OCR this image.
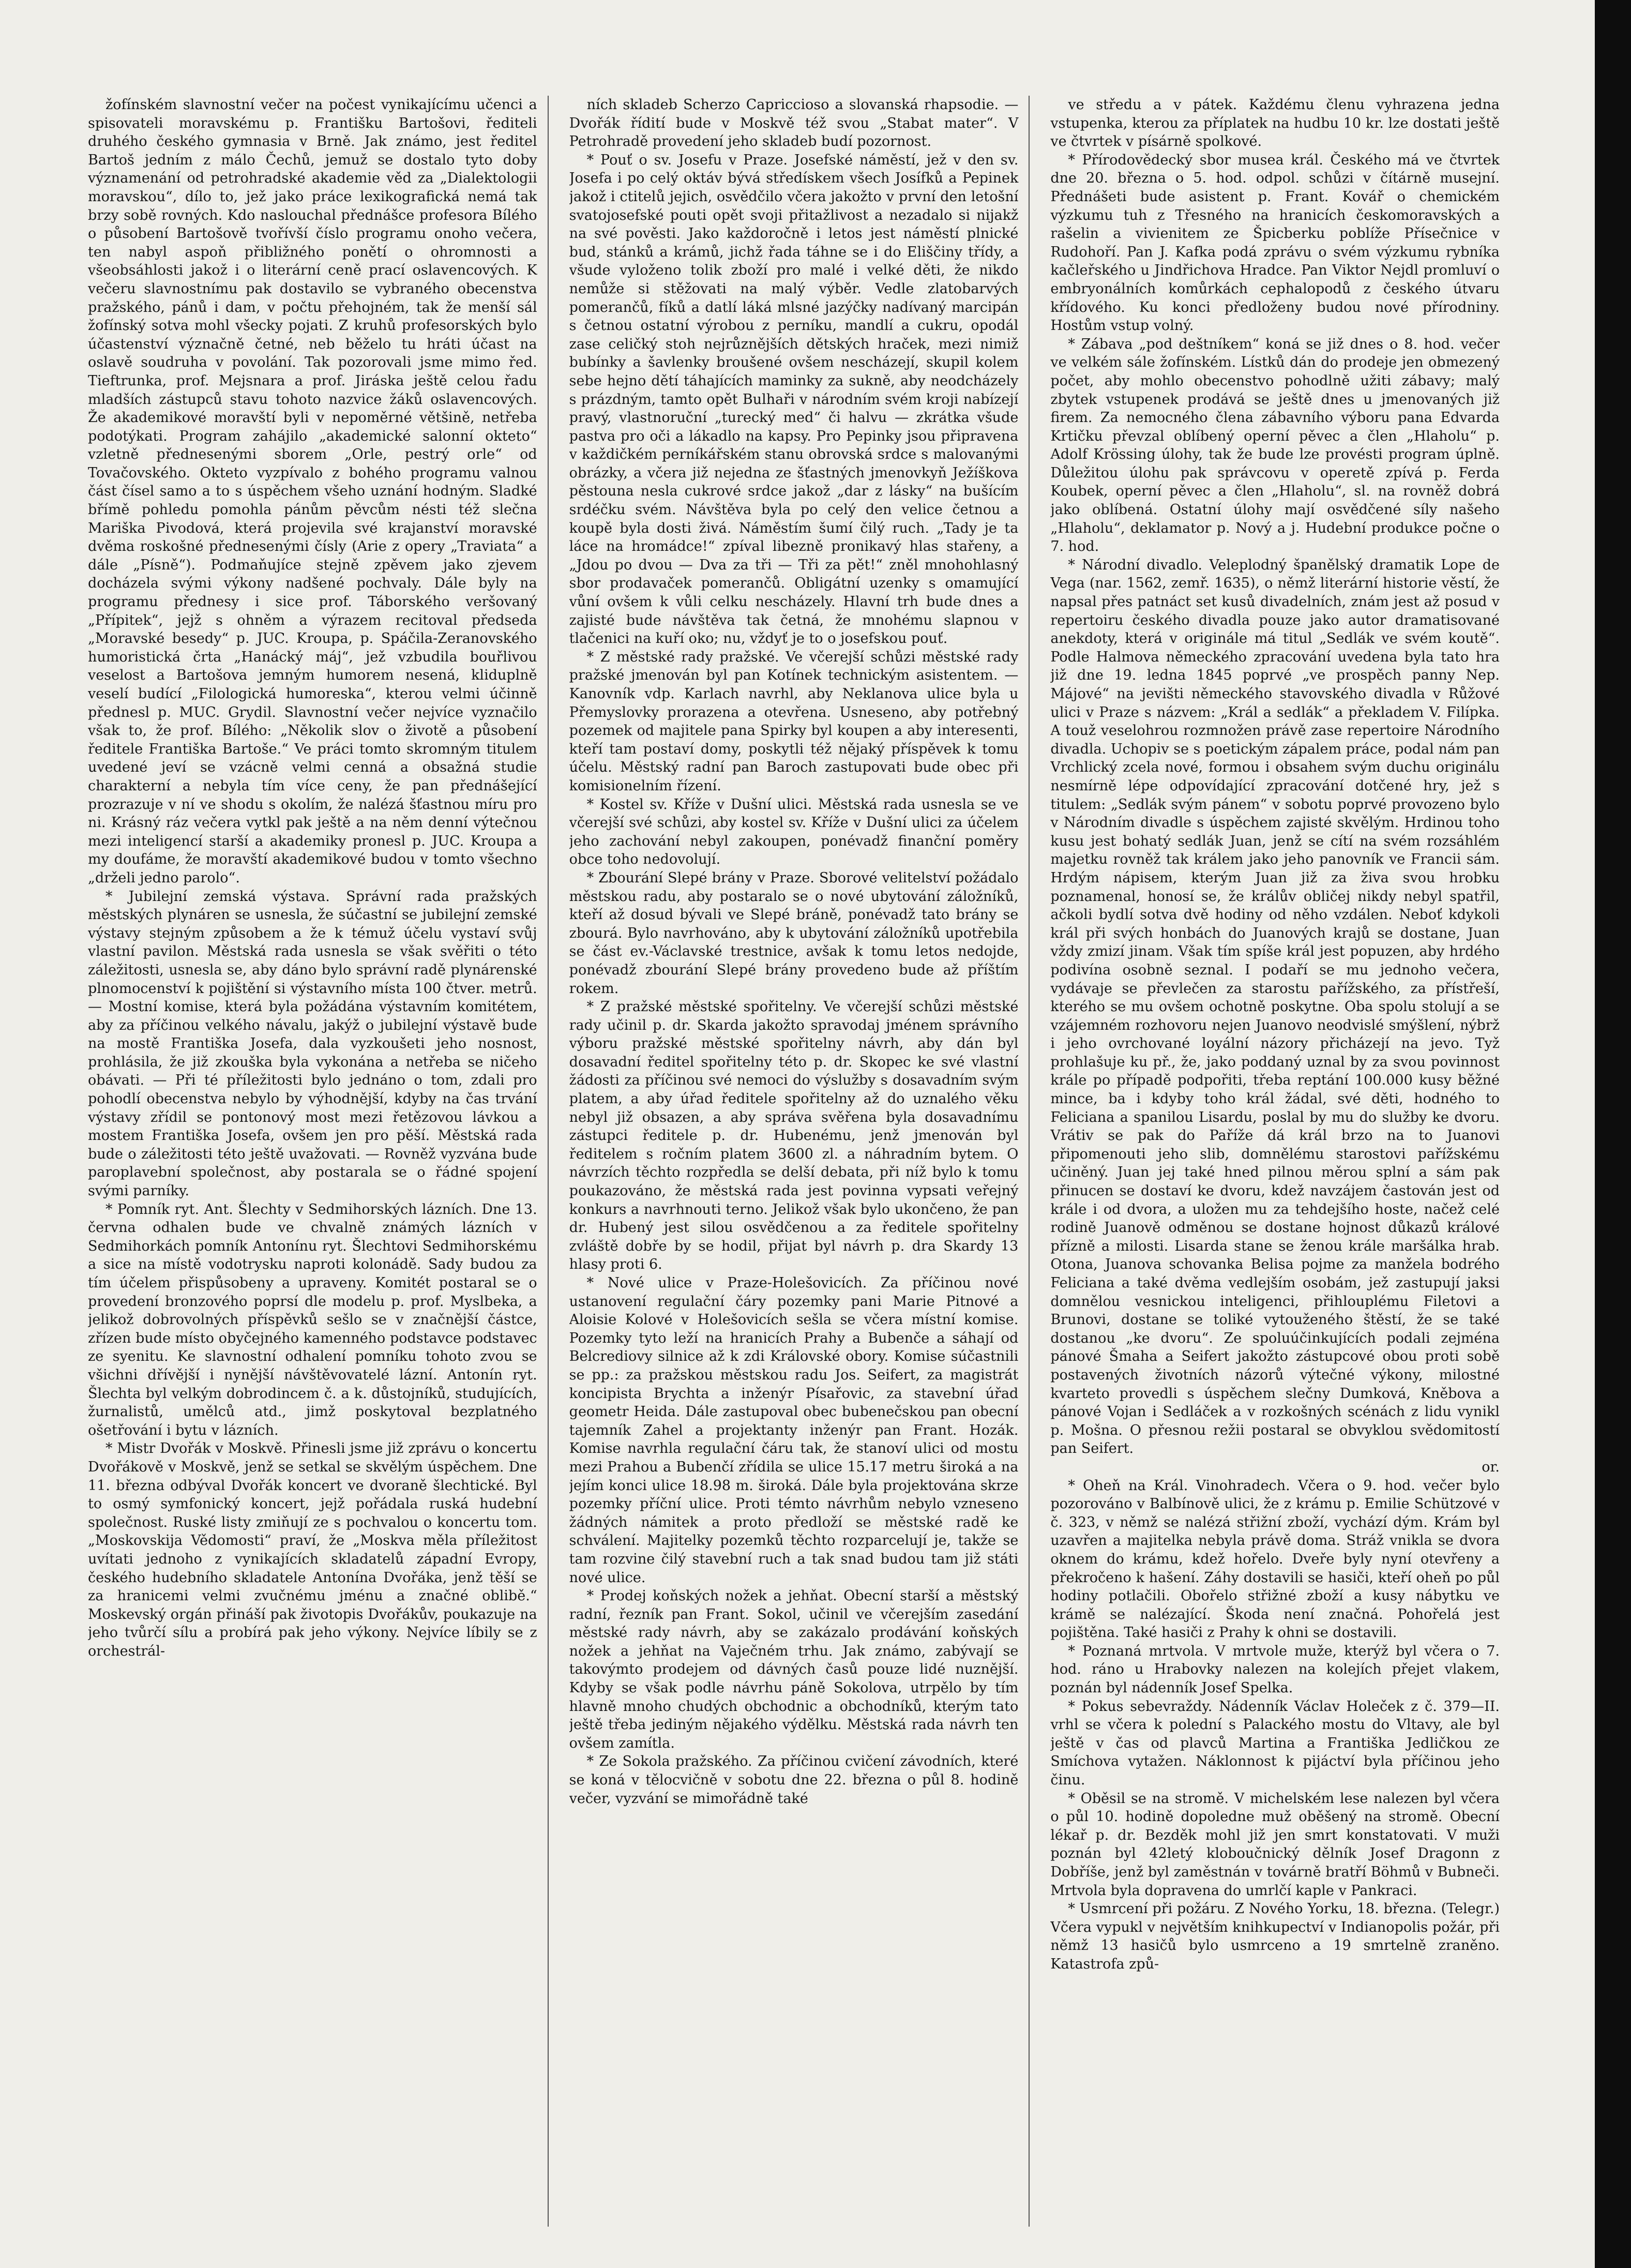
žofínském slavnostní večer na počest vynikajícímu učenci a spisovateli moravskému p. Františku Bartošovi, řediteli druhého českého gymnasia v Brně. Jak známo, jest ředitel Bartoš jedním z málo Čechů, jemuž se dostalo tyto doby významenání od petrohradské akademie věd za „Dialektologii moravskou“, dílo to, jež jako práce lexikografická nemá tak brzy sobě rovných. Kdo naslouchal přednášce profesora Bílého o působení Bartošově tvořívší číslo programu onoho večera, ten nabyl aspoň přibližného ponětí o ohromnosti a všeobsáhlosti jakož i o literární ceně prací oslavencových. K večeru slavnostnímu pak dostavilo se vybraného obecenstva pražského, pánů i dam, v počtu přehojném, tak že menší sál žofínský sotva mohl všecky pojati. Z kruhů profesorských bylo účastenství význačně četné, neb běželo tu hráti účast na oslavě soudruha v povolání. Tak pozorovali jsme mimo řed. Tieftrunka, prof. Mejsnara a prof. Jiráska ještě celou řadu mladších zástupců stavu tohoto nazvice žáků oslavencových. Že akademikové moravští byli v nepoměrné většině, netřeba podotýkati. Program zahájilo „akademické salonní okteto“ vzletně přednesenými sborem „Orle, pestrý orle“ od Tovačovského. Okteto vyzpívalo z bohého programu valnou část čísel samo a to s úspěchem všeho uznání hodným. Sladké břímě pohledu pomohla pánům pěvcům nésti též slečna Mariška Pivodová, která projevila své krajanství moravské dvěma roskošné přednesenými čísly (Arie z opery „Traviata“ a dále „Písně“). Podmaňujíce stejně zpěvem jako zjevem docházela svými výkony nadšené pochvaly. Dále byly na programu přednesy i sice prof. Táborského veršovaný „Přípitek“, jejž s ohněm a výrazem recitoval předseda „Moravské besedy“ p. JUC. Kroupa, p. Spáčila-Zeranovského humoristická črta „Hanácký máj“, jež vzbudila bouřlivou veselost a Bartošova jemným humorem nesená, kliduplně veselí budící „Filologická humoreska“, kterou velmi účinně přednesl p. MUC. Grydil. Slavnostní večer nejvíce vyznačilo však to, že prof. Bílého: „Několik slov o životě a působení ředitele Františka Bartoše.“ Ve práci tomto skromným titulem uvedené jeví se vzácně velmi cenná a obsažná studie charakterní a nebyla tím více ceny, že pan přednášející prozrazuje v ní ve shodu s okolím, že nalézá šťastnou míru pro ni. Krásný ráz večera vytkl pak ještě a na něm denní výtečnou mezi inteligencí starší a akademiky pronesl p. JUC. Kroupa a my doufáme, že moravští akademikové budou v tomto všechno „drželi jedno parolo“.

* Jubilejní zemská výstava. Správní rada pražských městských plynáren se usnesla, že súčastní se jubilejní zemské výstavy stejným způsobem a že k témuž účelu vystaví svůj vlastní pavilon. Městská rada usnesla se však svěřiti o této záležitosti, usnesla se, aby dáno bylo správní radě plynárenské plnomocenství k pojištění si výstavního místa 100 čtver. metrů. — Mostní komise, která byla požádána výstavním komitétem, aby za příčinou velkého návalu, jakýž o jubilejní výstavě bude na mostě Františka Josefa, dala vyzkoušeti jeho nosnost, prohlásila, že již zkouška byla vykonána a netřeba se ničeho obávati. — Při té příležitosti bylo jednáno o tom, zdali pro pohodlí obecenstva nebylo by výhodnější, kdyby na čas trvání výstavy zřídil se pontonový most mezi řetězovou lávkou a mostem Františka Josefa, ovšem jen pro pěší. Městská rada bude o záležitosti této ještě uvažovati. — Rovněž vyzvána bude paroplavební společnost, aby postarala se o řádné spojení svými parníky.

* Pomník ryt. Ant. Šlechty v Sedmihorských lázních. Dne 13. června odhalen bude ve chvalně známých lázních v Sedmihorkách pomník Antonínu ryt. Šlechtovi Sedmihorskému a sice na místě vodotrysku naproti kolonádě. Sady budou za tím účelem přispůsobeny a upraveny. Komitét postaral se o provedení bronzového poprsí dle modelu p. prof. Myslbeka, a jelikož dobrovolných příspěvků sešlo se v značnější částce, zřízen bude místo obyčejného kamenného podstavce podstavec ze syenitu. Ke slavnostní odhalení pomníku tohoto zvou se všichni dřívější i nynější návštěvovatelé lázní. Antonín ryt. Šlechta byl velkým dobrodincem č. a k. důstojníků, studujících, žurnalistů, umělců atd., jimž poskytoval bezplatného ošetřování i bytu v lázních.

* Mistr Dvořák v Moskvě. Přinesli jsme již zprávu o koncertu Dvořákově v Moskvě, jenž se setkal se skvělým úspěchem. Dne 11. března odbýval Dvořák koncert ve dvoraně šlechtické. Byl to osmý symfonický koncert, jejž pořádala ruská hudební společnost. Ruské listy zmiňují ze s pochvalou o koncertu tom. „Moskovskija Vědomosti“ praví, že „Moskva měla příležitost uvítati jednoho z vynikajících skladatelů západní Evropy, českého hudebního skladatele Antonína Dvořáka, jenž těší se za hranicemi velmi zvučnému jménu a značné oblibě.“ Moskevský orgán přináší pak životopis Dvořákův, poukazuje na jeho tvůrčí sílu a probírá pak jeho výkony. Nejvíce líbily se z orchestrál-

ních skladeb Scherzo Capriccioso a slovanská rhapsodie. — Dvořák řídití bude v Moskvě též svou „Stabat mater“. V Petrohradě provedení jeho skladeb budí pozornost.

* Pouť o sv. Josefu v Praze. Josefské náměstí, jež v den sv. Josefa i po celý oktáv bývá středískem všech Josífků a Pepinek jakož i ctitelů jejich, osvědčilo včera jakožto v první den letošní svatojosefské pouti opět svoji přitažlivost a nezadalo si nijakž na své pověsti. Jako každoročně i letos jest náměstí plnické bud, stánků a krámů, jichž řada táhne se i do Eliščiny třídy, a všude vyloženo tolik zboží pro malé i velké děti, že nikdo nemůže si stěžovati na malý výběr. Vedle zlatobarvých pomerančů, fíků a datlí láká mlsné jazýčky nadívaný marcipán s četnou ostatní výrobou z perníku, mandlí a cukru, opodál zase celičký stoh nejrůznějších dětských hraček, mezi nimiž bubínky a šavlenky broušené ovšem nescházejí, skupil kolem sebe hejno dětí táhajících maminky za sukně, aby neodcházely s prázdným, tamto opět Bulhaři v národním svém kroji nabízejí pravý, vlastnoruční „turecký med“ či halvu — zkrátka všude pastva pro oči a lákadlo na kapsy. Pro Pepinky jsou připravena v každičkém perníkářském stanu obrovská srdce s malovanými obrázky, a včera již nejedna ze šťastných jmenovkyň Ježíškova pěstouna nesla cukrové srdce jakož „dar z lásky“ na bušícím srdéčku svém. Návštěva byla po celý den velice četnou a koupě byla dosti živá. Náměstím šumí čilý ruch. „Tady je ta láce na hromádce!“ zpíval libezně pronikavý hlas stařeny, a „Jdou po dvou — Dva za tři — Tři za pět!“ zněl mnohohlasný sbor prodavaček pomerančů. Obligátní uzenky s omamující vůní ovšem k vůli celku nescházely. Hlavní trh bude dnes a zajisté bude návštěva tak četná, že mnohému slapnou v tlačenici na kuří oko; nu, vždyť je to o josefskou pouť.

* Z městské rady pražské. Ve včerejší schůzi městské rady pražské jmenován byl pan Kotínek technickým asistentem. — Kanovník vdp. Karlach navrhl, aby Neklanova ulice byla u Přemyslovky prorazena a otevřena. Usneseno, aby potřebný pozemek od majitele pana Spirky byl koupen a aby interesenti, kteří tam postaví domy, poskytli též nějaký příspěvek k tomu účelu. Městský radní pan Baroch zastupovati bude obec při komisionelním řízení.

* Kostel sv. Kříže v Dušní ulici. Městská rada usnesla se ve včerejší své schůzi, aby kostel sv. Kříže v Dušní ulici za účelem jeho zachování nebyl zakoupen, ponévadž finanční poměry obce toho nedovolují.

* Zbourání Slepé brány v Praze. Sborové velitelství požádalo městskou radu, aby postaralo se o nové ubytování záložníků, kteří až dosud bývali ve Slepé bráně, ponévadž tato brány se zbourá. Bylo navrhováno, aby k ubytování záložníků upotřebila se část ev.-Václavské trestnice, avšak k tomu letos nedojde, ponévadž zbourání Slepé brány provedeno bude až příštím rokem.

* Z pražské městské spořitelny. Ve včerejší schůzi městské rady učinil p. dr. Skarda jakožto spravodaj jménem správního výboru pražské městské spořitelny návrh, aby dán byl dosavadní ředitel spořitelny této p. dr. Skopec ke své vlastní žádosti za příčinou své nemoci do výslužby s dosavadním svým platem, a aby úřad ředitele spořitelny až do uznalého věku nebyl již obsazen, a aby správa svěřena byla dosavadnímu zástupci ředitele p. dr. Hubenému, jenž jmenován byl ředitelem s ročním platem 3600 zl. a náhradním bytem. O návrzích těchto rozpředla se delší debata, při níž bylo k tomu poukazováno, že městská rada jest povinna vypsati veřejný konkurs a navrhnouti terno. Jelikož však bylo ukončeno, že pan dr. Hubený jest silou osvědčenou a za ředitele spořitelny zvláště dobře by se hodil, přijat byl návrh p. dra Skardy 13 hlasy proti 6.

* Nové ulice v Praze-Holešovicích. Za příčinou nové ustanovení regulační čáry pozemky pani Marie Pitnové a Aloisie Kolové v Holešovicích sešla se včera místní komise. Pozemky tyto leží na hranicích Prahy a Bubenče a sáhají od Belcrediovy silnice až k zdi Královské obory. Komise súčastnili se pp.: za pražskou městskou radu Jos. Seifert, za magistrát koncipista Brychta a inženýr Písařovic, za stavební úřad geometr Heida. Dále zastupoval obec bubenečskou pan obecní tajemník Zahel a projektanty inženýr pan Frant. Hozák. Komise navrhla regulační čáru tak, že stanoví ulici od mostu mezi Prahou a Bubenčí zřídila se ulice 15.17 metru široká a na jejím konci ulice 18.98 m. široká. Dále byla projektována skrze pozemky příční ulice. Proti témto návrhům nebylo vzneseno žádných námitek a proto předloží se městské radě ke schválení. Majitelky pozemků těchto rozparcelují je, takže se tam rozvine čilý stavební ruch a tak snad budou tam již státi nové ulice.

* Prodej koňských nožek a jehňat. Obecní starší a městský radní, řezník pan Frant. Sokol, učinil ve včerejším zasedání městské rady návrh, aby se zakázalo prodávání koňských nožek a jehňat na Vaječném trhu. Jak známo, zabývají se takovýmto prodejem od dávných časů pouze lidé nuznější. Kdyby se však podle návrhu páně Sokolova, utrpělo by tím hlavně mnoho chudých obchodnic a obchodníků, kterým tato ještě třeba jediným nějakého výdělku. Městská rada návrh ten ovšem zamítla.

* Ze Sokola pražského. Za příčinou cvičení závodních, které se koná v tělocvičně v sobotu dne 22. března o půl 8. hodině večer, vyzvání se mimořádně také

ve středu a v pátek. Každému členu vyhrazena jedna vstupenka, kterou za příplatek na hudbu 10 kr. lze dostati ještě ve čtvrtek v písárně spolkové.

* Přírodovědecký sbor musea král. Českého má ve čtvrtek dne 20. března o 5. hod. odpol. schůzi v čítárně musejní. Přednášeti bude asistent p. Frant. Kovář o chemickém výzkumu tuh z Třesného na hranicích českomoravských a rašelin a vivienitem ze Špicberku poblíže Přísečnice v Rudohoří. Pan J. Kafka podá zprávu o svém výzkumu rybníka kačleřského u Jindřichova Hradce. Pan Viktor Nejdl promluví o embryonálních komůrkách cephalopodů z českého útvaru křídového. Ku konci předloženy budou nové přírodniny. Hostům vstup volný.

* Zábava „pod deštníkem“ koná se již dnes o 8. hod. večer ve velkém sále žofínském. Lístků dán do prodeje jen obmezený počet, aby mohlo obecenstvo pohodlně užiti zábavy; malý zbytek vstupenek prodává se ještě dnes u jmenovaných již firem. Za nemocného člena zábavního výboru pana Edvarda Krtičku převzal oblíbený operní pěvec a člen „Hlaholu“ p. Adolf Krössing úlohy, tak že bude lze provésti program úplně. Důležitou úlohu pak správcovu v operetě zpívá p. Ferda Koubek, operní pěvec a člen „Hlaholu“, sl. na rovněž dobrá jako oblíbená. Ostatní úlohy mají osvědčené síly našeho „Hlaholu“, deklamator p. Nový a j. Hudební produkce počne o 7. hod.

* Národní divadlo. Veleplodný španělský dramatik Lope de Vega (nar. 1562, zemř. 1635), o němž literární historie věstí, že napsal přes patnáct set kusů divadelních, znám jest až posud v repertoiru českého divadla pouze jako autor dramatisované anekdoty, která v originále má titul „Sedlák ve svém koutě“. Podle Halmova německého zpracování uvedena byla tato hra již dne 19. ledna 1845 poprvé „ve prospěch panny Nep. Májové“ na jevišti německého stavovského divadla v Růžové ulici v Praze s názvem: „Král a sedlák“ a překladem V. Filípka. A touž veselohrou rozmnožen právě zase repertoire Národního divadla. Uchopiv se s poetickým zápalem práce, podal nám pan Vrchlický zcela nové, formou i obsahem svým duchu originálu nesmírně lépe odpovídající zpracování dotčené hry, jež s titulem: „Sedlák svým pánem“ v sobotu poprvé provozeno bylo v Národním divadle s úspěchem zajisté skvělým. Hrdinou toho kusu jest bohatý sedlák Juan, jenž se cítí na svém rozsáhlém majetku rovněž tak králem jako jeho panovník ve Francii sám. Hrdým nápisem, kterým Juan již za živa svou hrobku poznamenal, honosí se, že králův obličej nikdy nebyl spatřil, ačkoli bydlí sotva dvě hodiny od něho vzdálen. Neboť kdykoli král při svých honbách do Juanových krajů se dostane, Juan vždy zmizí jinam. Však tím spíše král jest popuzen, aby hrdého podivína osobně seznal. I podaří se mu jednoho večera, vydávaje se převlečen za starostu pařížského, za přístřeší, kterého se mu ovšem ochotně poskytne. Oba spolu stolují a se vzájemném rozhovoru nejen Juanovo neodvislé smýšlení, nýbrž i jeho ovrchované loyální názory přicházejí na jevo. Tyž prohlašuje ku př., že, jako poddaný uznal by za svou povinnost krále po případě podpořiti, třeba reptání 100.000 kusy běžné mince, ba i kdyby toho král žádal, své děti, hodného to Feliciana a spanilou Lisardu, poslal by mu do služby ke dvoru. Vrátiv se pak do Paříže dá král brzo na to Juanovi připomenouti jeho slib, domnělému starostovi pařížskému učiněný. Juan jej také hned pilnou měrou splní a sám pak přinucen se dostaví ke dvoru, kdež navzájem častován jest od krále i od dvora, a uložen mu za tehdejšího hoste, načež celé rodině Juanově odměnou se dostane hojnost důkazů králové přízně a milosti. Lisarda stane se ženou krále maršálka hrab. Otona, Juanova schovanka Belisa pojme za manžela bodrého Feliciana a také dvěma vedlejším osobám, jež zastupují jaksi domnělou vesnickou inteligenci, přihlouplému Filetovi a Brunovi, dostane se toliké vytouženého štěstí, že se také dostanou „ke dvoru“. Ze spoluúčinkujících podali zejména pánové Šmaha a Seifert jakožto zástupcové obou proti sobě postavených životních názorů výtečné výkony, milostné kvarteto provedli s úspěchem slečny Dumková, Kněbova a pánové Vojan i Sedláček a v rozkošných scénách z lidu vynikl p. Mošna. O přesnou režii postaral se obvyklou svědomitostí pan Seifert.

or.

* Oheň na Král. Vinohradech. Včera o 9. hod. večer bylo pozorováno v Balbínově ulici, že z krámu p. Emilie Schützové v č. 323, v němž se nalézá střižní zboží, vychází dým. Krám byl uzavřen a majitelka nebyla právě doma. Stráž vnikla se dvora oknem do krámu, kdež hořelo. Dveře byly nyní otevřeny a překročeno k hašení. Záhy dostavili se hasiči, kteří oheň po půl hodiny potlačili. Obořelo střižné zboží a kusy nábytku ve krámě se nalézající. Škoda není značná. Pohořelá jest pojištěna. Také hasiči z Prahy k ohni se dostavili.

* Poznaná mrtvola. V mrtvole muže, kterýž byl včera o 7. hod. ráno u Hrabovky nalezen na kolejích přejet vlakem, poznán byl nádenník Josef Spelka.

* Pokus sebevraždy. Nádenník Václav Holeček z č. 379—II. vrhl se včera k polední s Palackého mostu do Vltavy, ale byl ještě v čas od plavců Martina a Františka Jedličkou ze Smíchova vytažen. Náklonnost k pijáctví byla příčinou jeho činu.

* Oběsil se na stromě. V michelském lese nalezen byl včera o půl 10. hodině dopoledne muž oběšený na stromě. Obecní lékař p. dr. Bezděk mohl již jen smrt konstatovati. V muži poznán byl 42letý kloboučnický dělník Josef Dragonn z Dobříše, jenž byl zaměstnán v továrně bratří Böhmů v Bubneči. Mrtvola byla dopravena do umrlčí kaple v Pankraci.

* Usmrcení při požáru. Z Nového Yorku, 18. března. (Telegr.) Včera vypukl v největším knihkupectví v Indianopolis požár, při němž 13 hasičů bylo usmrceno a 19 smrtelně zraněno. Katastrofa způ-
